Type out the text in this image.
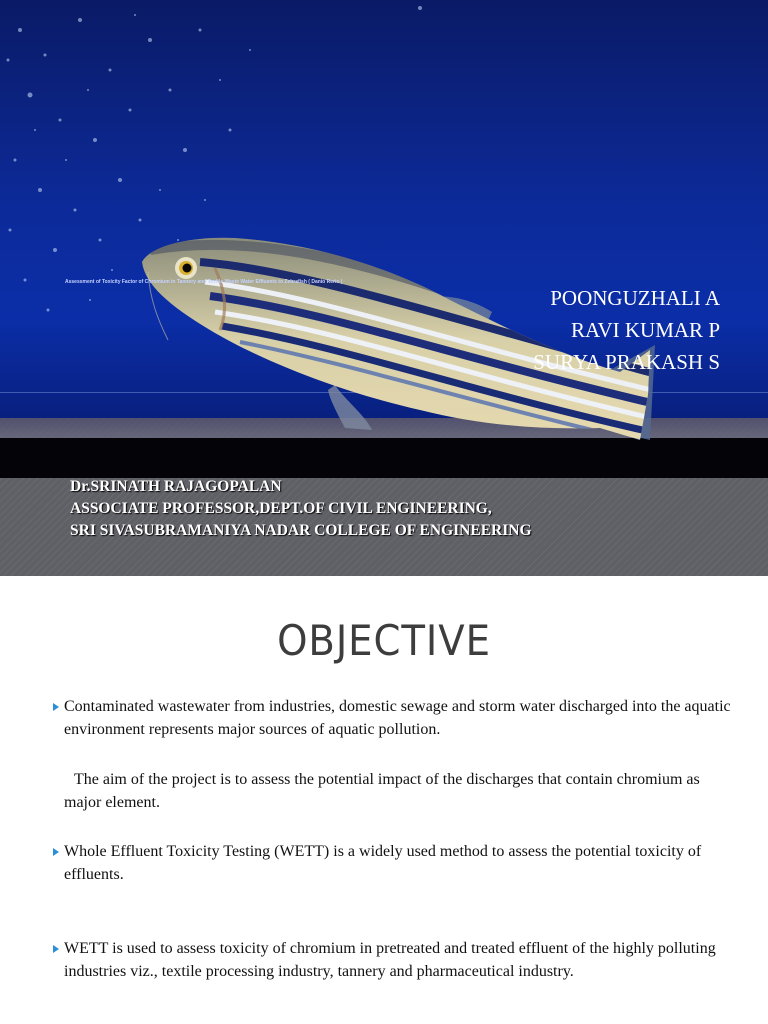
Assessment of Toxicity Factor of Chromium in Tannery and Textile Waste Water Effluents to Zebrafish ( Danio Rerio )
POONGUZHALI A
RAVI KUMAR P
SURYA PRAKASH S
Dr.SRINATH RAJAGOPALAN
ASSOCIATE PROFESSOR,DEPT.OF CIVIL ENGINEERING,
SRI SIVASUBRAMANIYA NADAR COLLEGE OF ENGINEERING
OBJECTIVE
Contaminated wastewater from industries, domestic sewage and storm water discharged into the aquatic environment represents major sources of aquatic pollution.
The aim of the project is to assess the potential impact of the discharges that contain chromium as major element.
Whole Effluent Toxicity Testing (WETT) is a widely used method to assess the potential toxicity of effluents.
WETT is used to assess toxicity of chromium in pretreated and treated effluent of the highly polluting industries viz., textile processing industry, tannery and pharmaceutical industry.
